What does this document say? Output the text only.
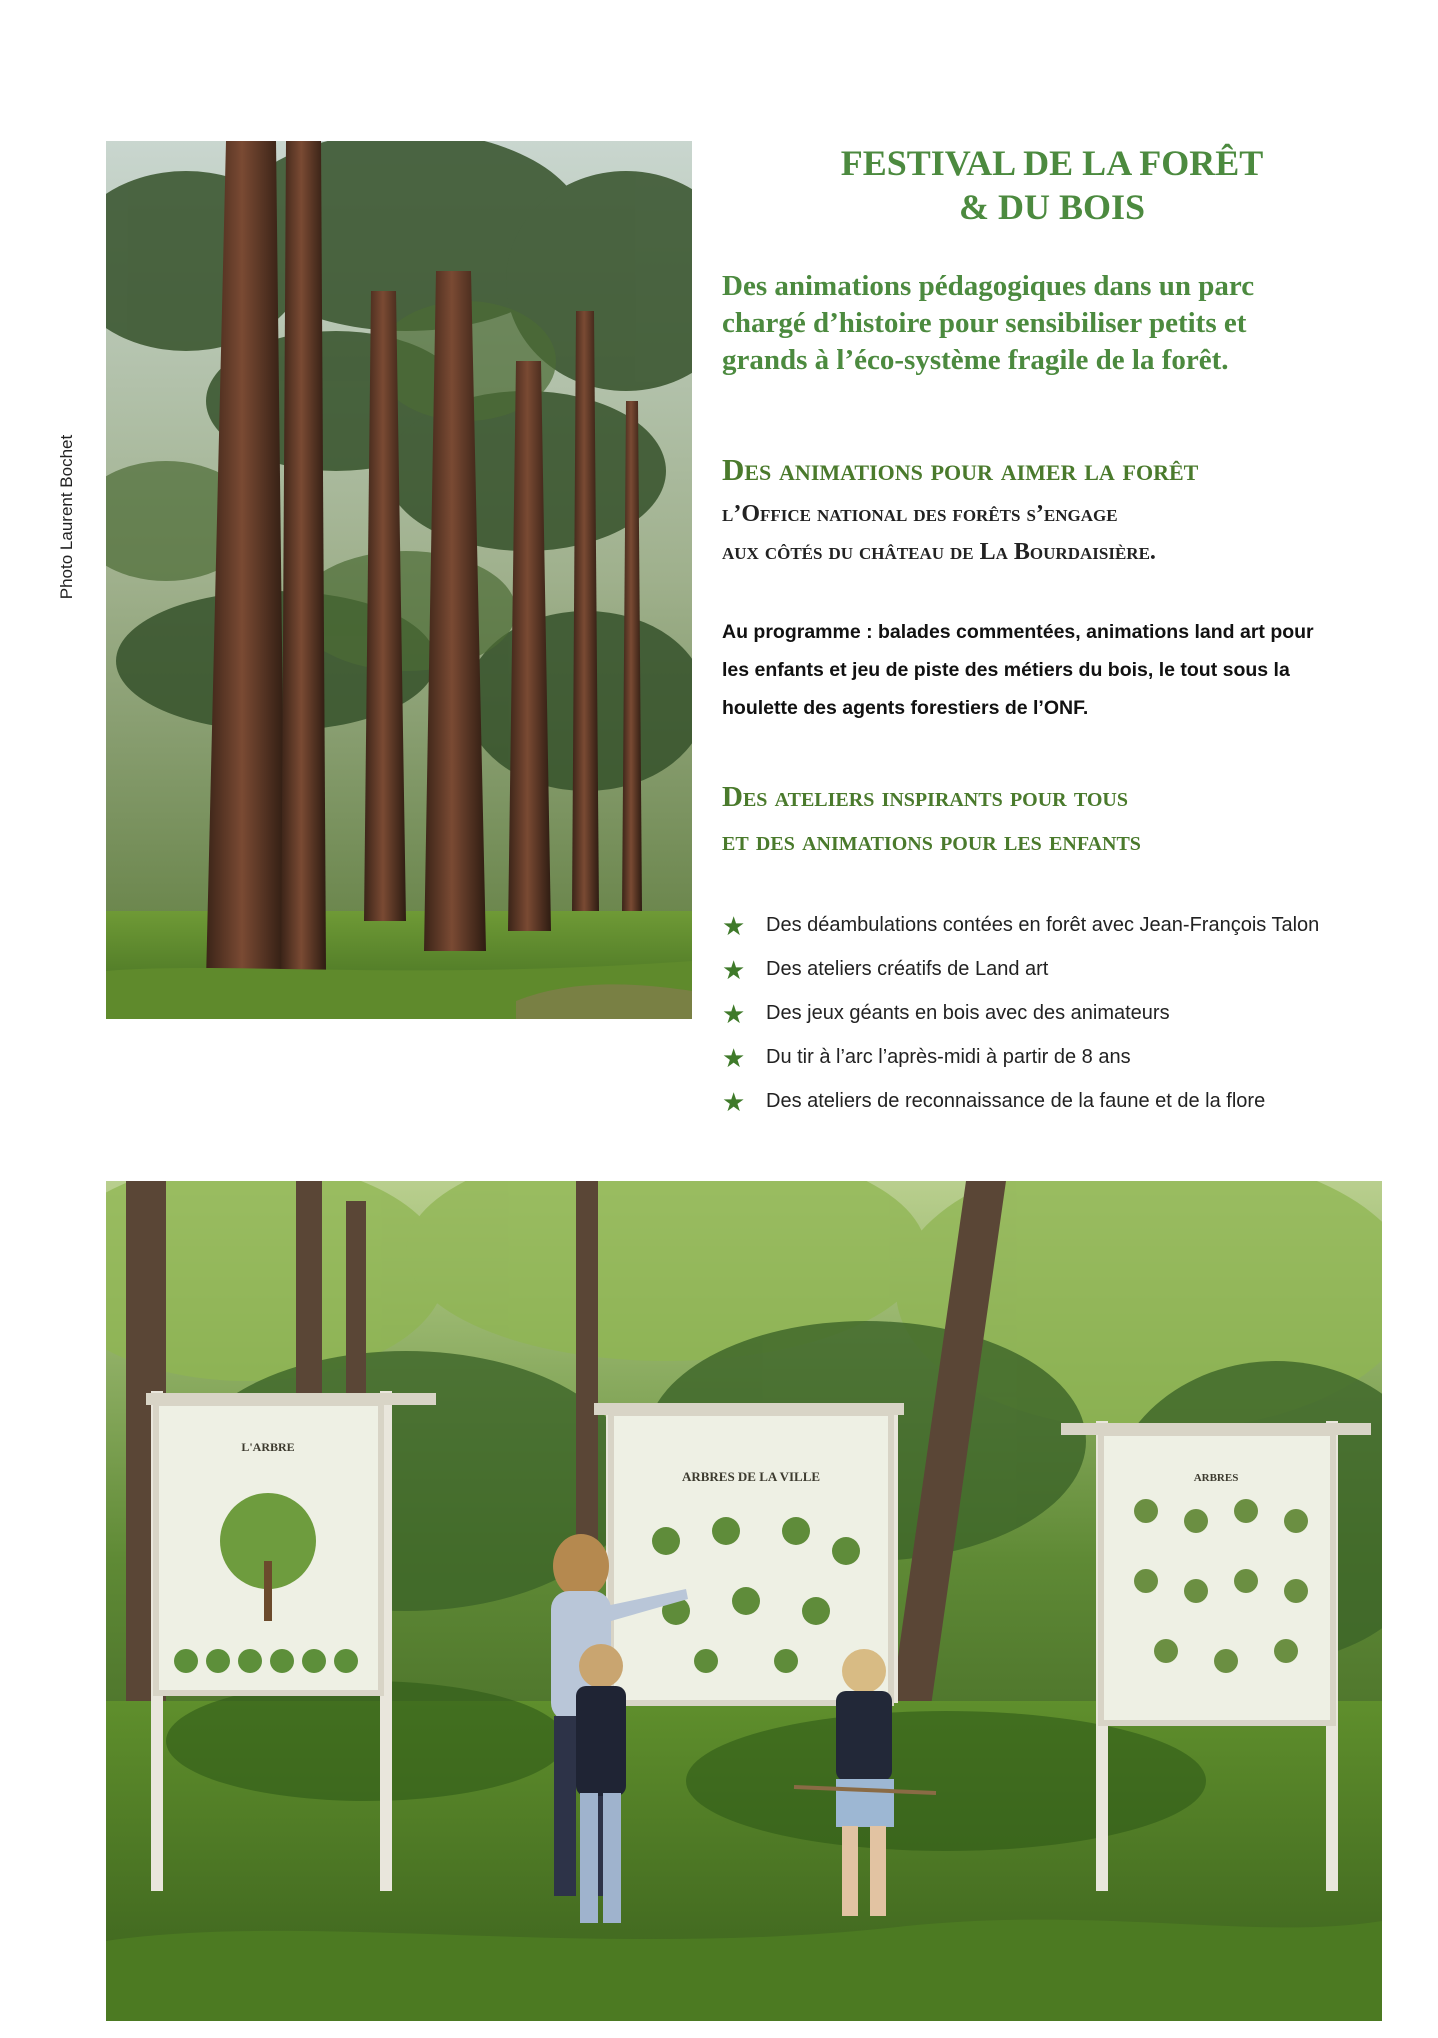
Photo Laurent Bochet
FESTIVAL DE LA FORÊT
& DU BOIS
Des animations pédagogiques dans un parc
chargé d’histoire pour sensibiliser petits et
grands à l’éco-système fragile de la forêt.
Des animations pour aimer la forêt
l’Office national des forêts s’engage
aux côtés du château de La Bourdaisière.
Au programme : balades commentées, animations land art pour
les enfants et jeu de piste des métiers du bois, le tout sous la
houlette des agents forestiers de l’ONF.
Des ateliers inspirants pour tous
et des animations pour les enfants
★ Des déambulations contées en forêt avec Jean-François Talon
★ Des ateliers créatifs de Land art
★ Des jeux géants en bois avec des animateurs
★ Du tir à l’arc l’après-midi à partir de 8 ans
★ Des ateliers de reconnaissance de la faune et de la flore
L'ARBRE
ARBRES DE LA VILLE	ARBRES
